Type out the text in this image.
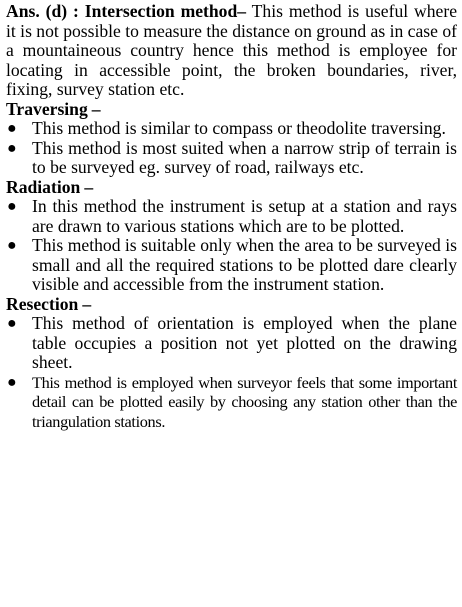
Ans. (d) : Intersection method– This method is useful where it is not possible to measure the distance on ground as in case of a mountaineous country hence this method is employee for locating in accessible point, the broken boundaries, river, fixing, survey station etc.

Traversing –
● This method is similar to compass or theodolite traversing.
● This method is most suited when a narrow strip of terrain is to be surveyed eg. survey of road, railways etc.
Radiation –
● In this method the instrument is setup at a station and rays are drawn to various stations which are to be plotted.
● This method is suitable only when the area to be surveyed is small and all the required stations to be plotted dare clearly visible and accessible from the instrument station.
Resection –
● This method of orientation is employed when the plane table occupies a position not yet plotted on the drawing sheet.
● This method is employed when surveyor feels that some important detail can be plotted easily by choosing any station other than the triangulation stations.
